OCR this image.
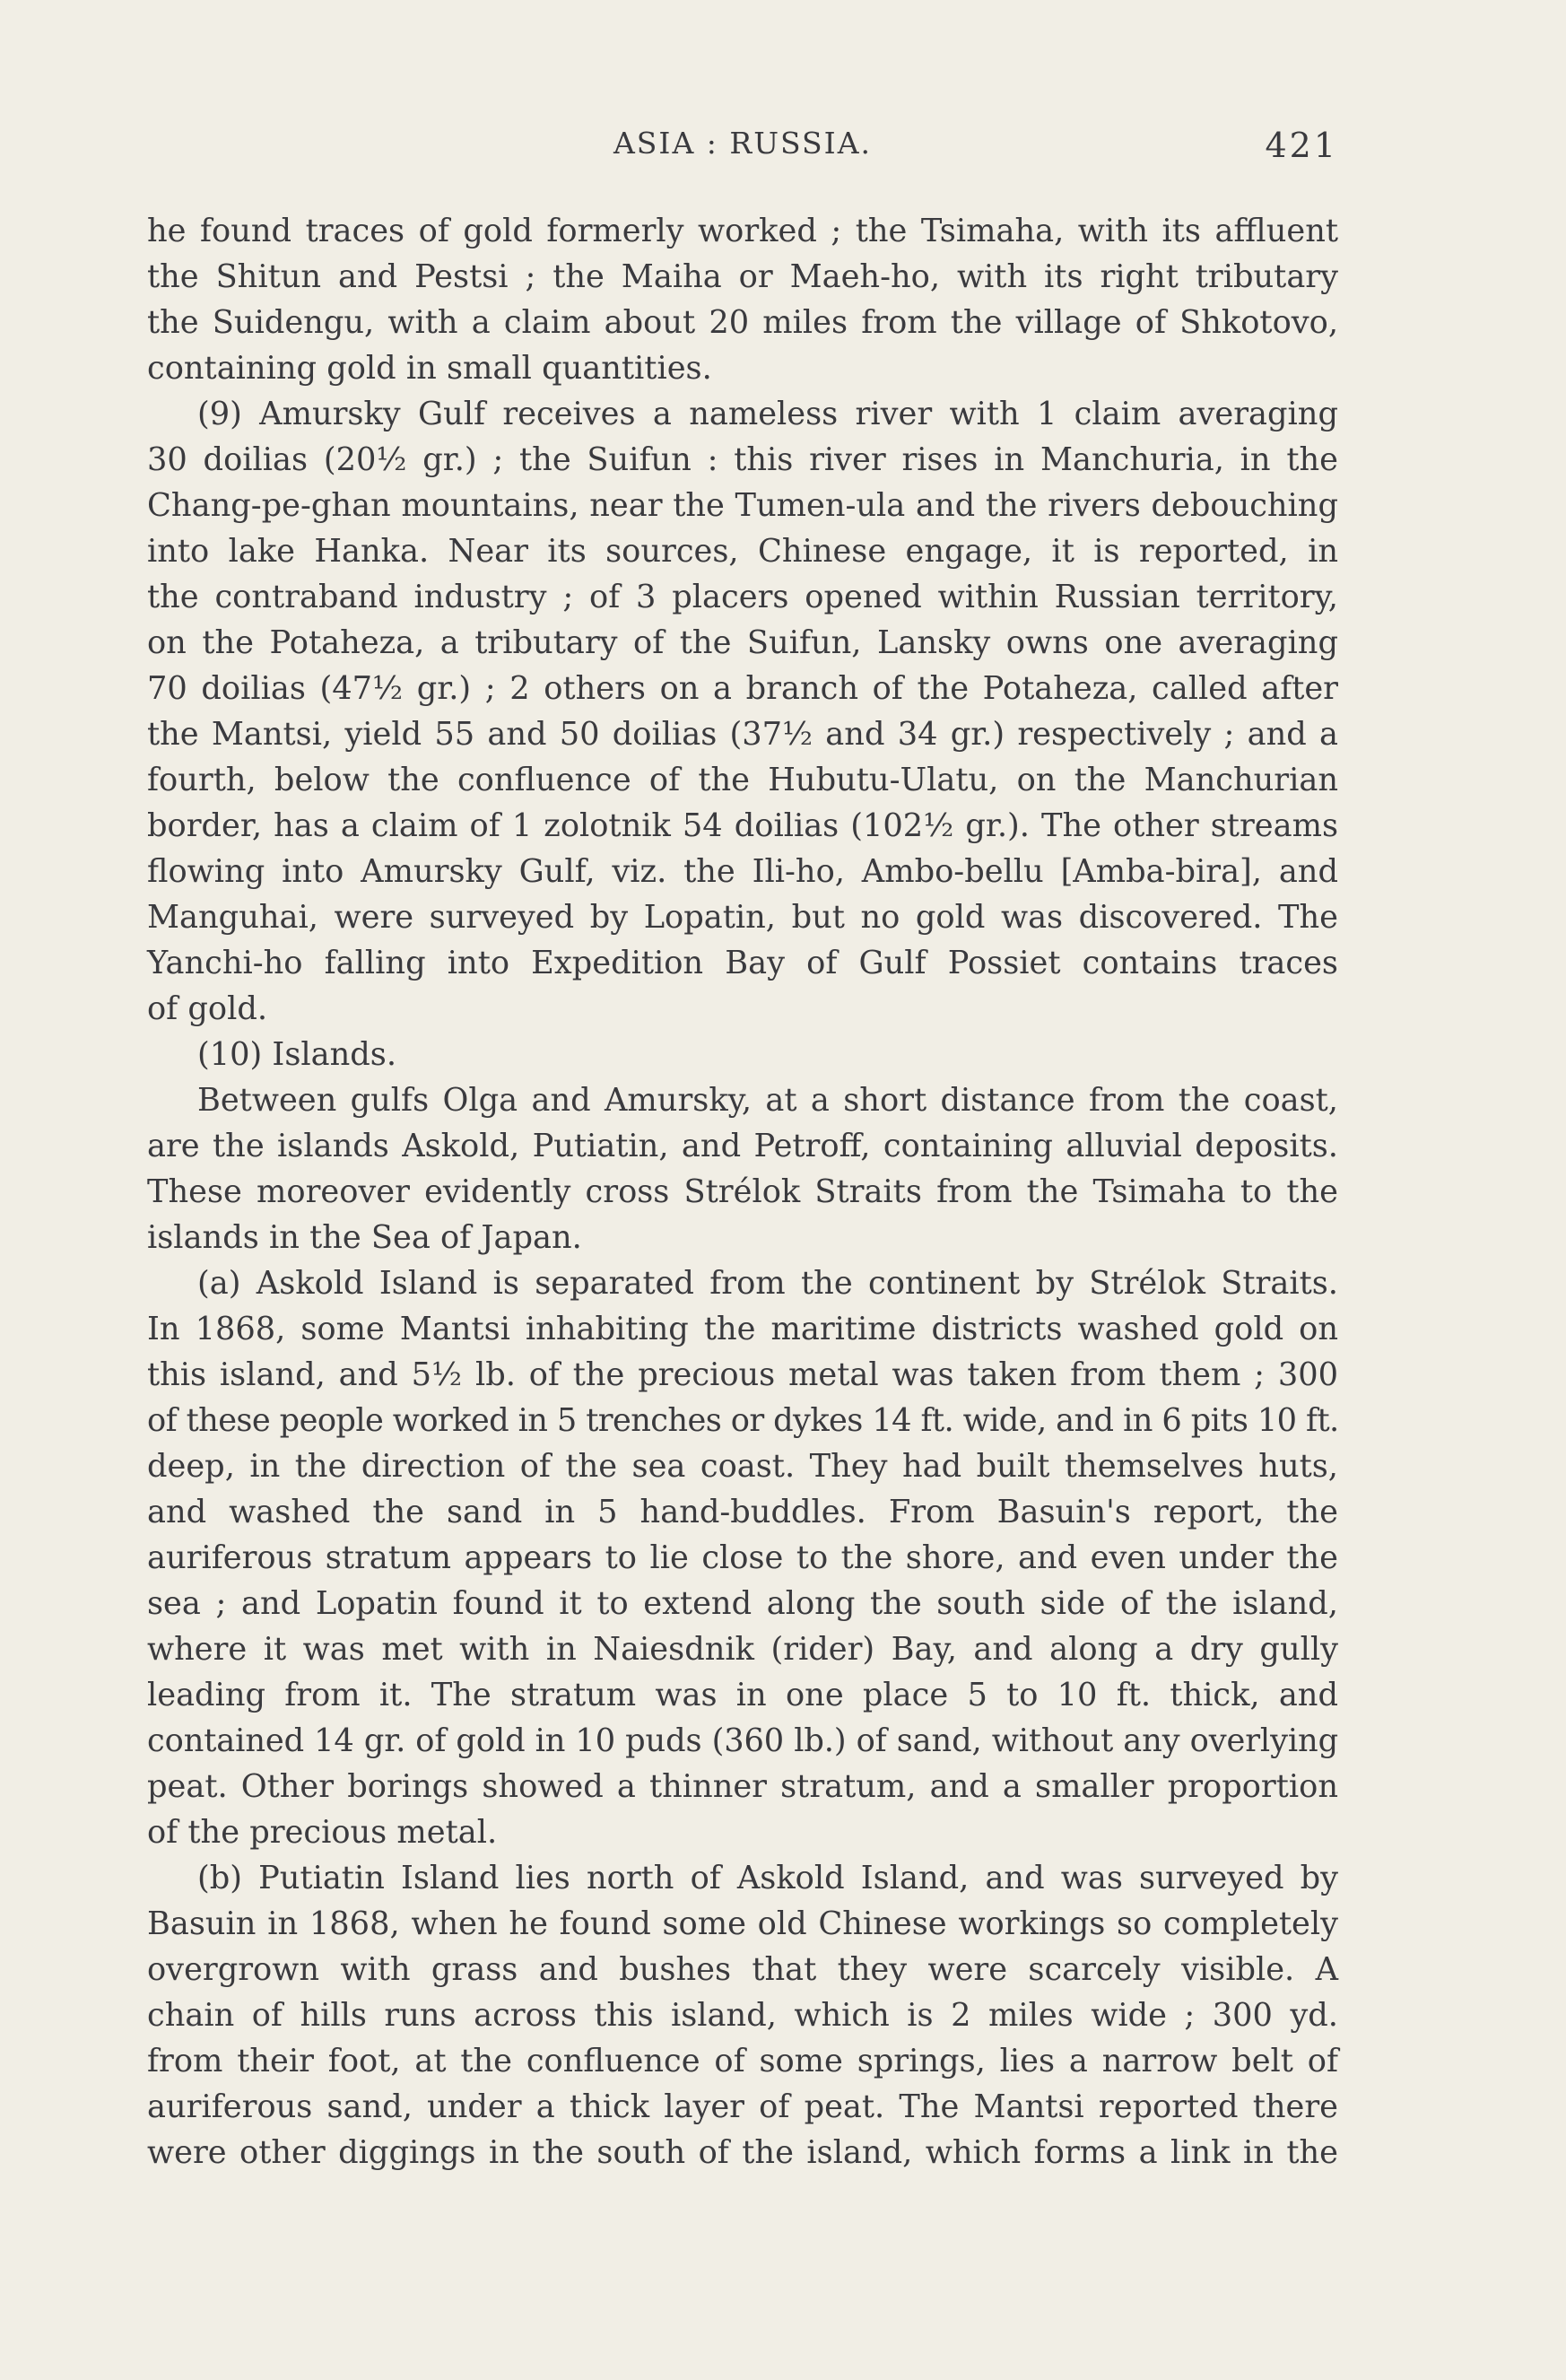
ASIA : RUSSIA.	421
he found traces of gold formerly worked ; the Tsimaha, with its affluent
the Shitun and Pestsi ; the Maiha or Maeh-ho, with its right tributary
the Suidengu, with a claim about 20 miles from the village of Shkotovo,
containing gold in small quantities.
(9) Amursky Gulf receives a nameless river with 1 claim averaging
30 doilias (20½ gr.) ; the Suifun : this river rises in Manchuria, in the
Chang-pe-ghan mountains, near the Tumen-ula and the rivers debouching
into lake Hanka. Near its sources, Chinese engage, it is reported, in
the contraband industry ; of 3 placers opened within Russian territory,
on the Potaheza, a tributary of the Suifun, Lansky owns one averaging
70 doilias (47½ gr.) ; 2 others on a branch of the Potaheza, called after
the Mantsi, yield 55 and 50 doilias (37½ and 34 gr.) respectively ; and a
fourth, below the confluence of the Hubutu-Ulatu, on the Manchurian
border, has a claim of 1 zolotnik 54 doilias (102½ gr.). The other streams
flowing into Amursky Gulf, viz. the Ili-ho, Ambo-bellu [Amba-bira], and
Manguhai, were surveyed by Lopatin, but no gold was discovered. The
Yanchi-ho falling into Expedition Bay of Gulf Possiet contains traces
of gold.
(10) Islands.
Between gulfs Olga and Amursky, at a short distance from the coast,
are the islands Askold, Putiatin, and Petroff, containing alluvial deposits.
These moreover evidently cross Strélok Straits from the Tsimaha to the
islands in the Sea of Japan.
(a) Askold Island is separated from the continent by Strélok Straits.
In 1868, some Mantsi inhabiting the maritime districts washed gold on
this island, and 5½ lb. of the precious metal was taken from them ; 300
of these people worked in 5 trenches or dykes 14 ft. wide, and in 6 pits 10 ft.
deep, in the direction of the sea coast. They had built themselves huts,
and washed the sand in 5 hand-buddles. From Basuin's report, the
auriferous stratum appears to lie close to the shore, and even under the
sea ; and Lopatin found it to extend along the south side of the island,
where it was met with in Naiesdnik (rider) Bay, and along a dry gully
leading from it. The stratum was in one place 5 to 10 ft. thick, and
contained 14 gr. of gold in 10 puds (360 lb.) of sand, without any overlying
peat. Other borings showed a thinner stratum, and a smaller proportion
of the precious metal.
(b) Putiatin Island lies north of Askold Island, and was surveyed by
Basuin in 1868, when he found some old Chinese workings so completely
overgrown with grass and bushes that they were scarcely visible. A
chain of hills runs across this island, which is 2 miles wide ; 300 yd.
from their foot, at the confluence of some springs, lies a narrow belt of
auriferous sand, under a thick layer of peat. The Mantsi reported there
were other diggings in the south of the island, which forms a link in the
